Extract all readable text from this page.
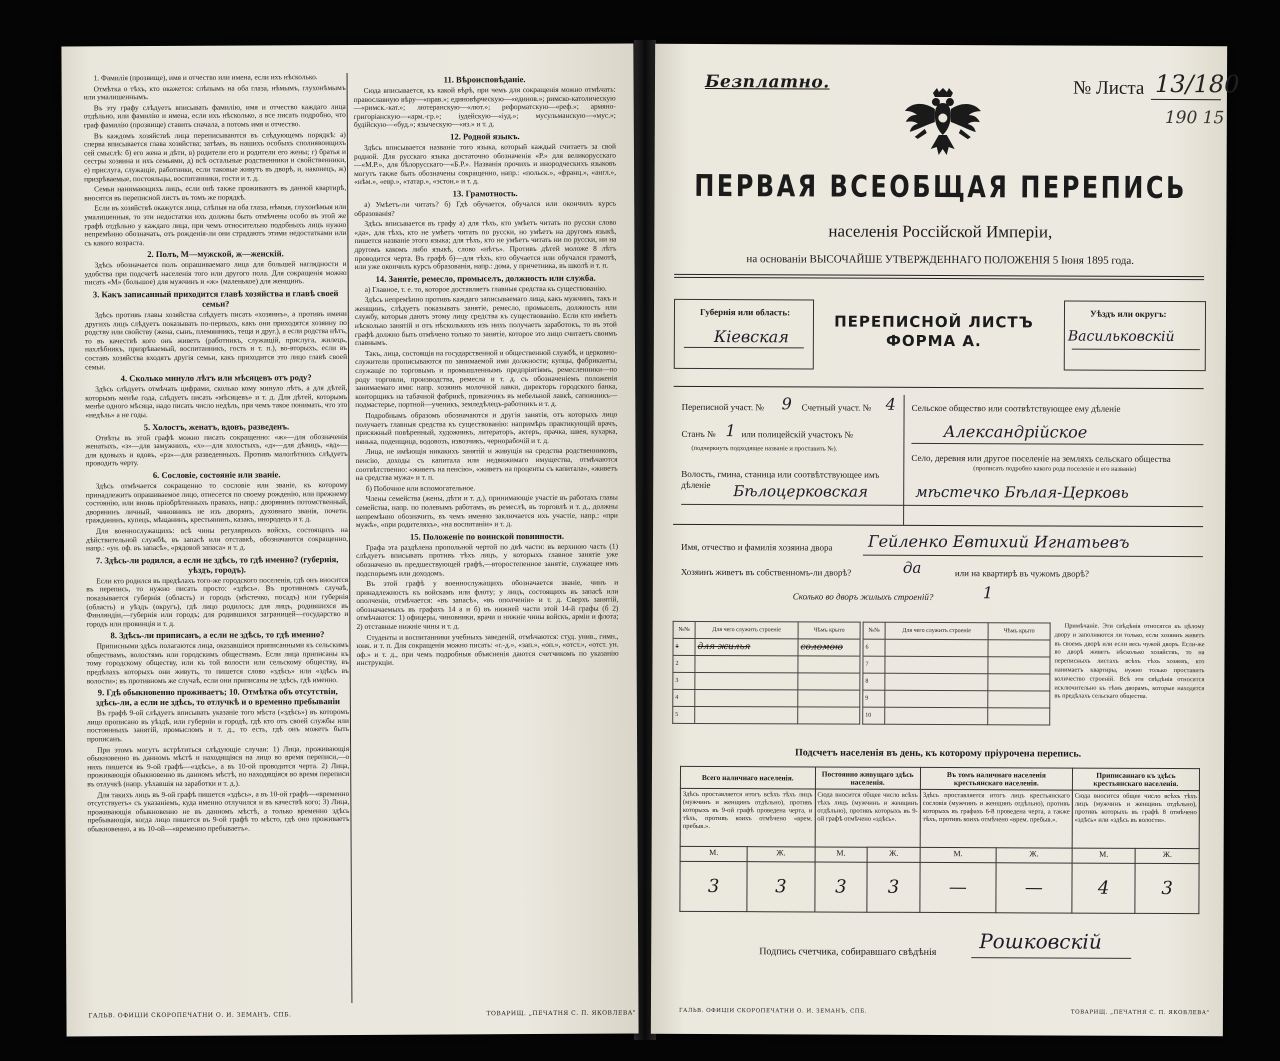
1. Фамилія (прозвище), имя и отчество или имена, если ихъ нѣсколько.
Отмѣтка о тѣхъ, кто окажется: слѣпымъ на оба глаза, нѣмымъ, глухонѣмымъ или умалишеннымъ.
Въ эту графу слѣдуетъ вписывать фамилію, имя и отчество каждаго лица отдѣльно, или фамилію и имена, если ихъ нѣсколько, а все писать подробно, что граф фамилію (прозвище) ставить сначала, а потомъ имя и отчество.
Въ каждомъ хозяйствѣ лица переписываются въ слѣдующемъ порядкѣ: а) сперва вписывается глава хозяйства; затѣмъ, въ нашихъ особыхъ сполнявоищихъ сей смыслѣ: б) его жена и дѣти, в) родители его и родители его жены; г) братья и сестры хозяина и ихъ семьями, д) всѣ остальные родственники и свойственники, е) прислуга, служащіе, работники, если таковые живутъ въ дворѣ, и, наконецъ, ж) призрѣваемые, постояльцы, воспитанники, гости и т. д.
Семьи нанимающихъ лицъ, если онѣ также проживаютъ въ данной квартирѣ, вносятся въ переписной листъ въ томъ же порядкѣ.
Если въ хозяйствѣ окажутся лица, слѣпыя на оба глаза, нѣмыя, глухонѣмыя или умалишенныя, то эти недостатки ихъ должны быть отмѣчены особо въ этой же графѣ отдѣльно у каждаго лица, при чемъ относительно подобныхъ лицъ нужно непремѣнно обозначать, отъ рожденія-ли они страдаютъ этими недостатками или съ какого возраста.
2. Полъ, М—мужской, ж—женскій.
Здѣсь обозначается полъ опрашиваемаго лица для большей наглядности и удобства при подсчетѣ населенія того или другого пола. Для сокращенія можно писать «М» (большое) для мужчинъ и «ж» (маленькое) для женщинъ.
3. Какъ записанный приходится главѣ хозяйства и главѣ своей семьи?
Здѣсь противъ главы хозяйства слѣдуетъ писать «хозяинъ», а противъ имени другихъ лицъ слѣдуетъ показывать по-первыхъ, какъ они приходятся хозяину по родству или свойству (жена, сынъ, племянникъ, теща и друг.), а если родства нѣтъ, то въ качествѣ кого онъ живетъ (работникъ, служащій, прислуга, жилецъ, нахлѣбникъ, призрѣваемый, воспитанникъ, гость и т. п.), во-вторыхъ, если въ составъ хозяйства входятъ другія семьи, какъ приходится это лицо главѣ своей семьи.
4. Сколько минуло лѣтъ или мѣсяцевъ отъ роду?
Здѣсь слѣдуетъ отмѣчать цифрами, сколько кому минуло лѣтъ, а для дѣтей, которымъ менѣе года, слѣдуетъ писать «мѣсяцевъ» и т. д. Для дѣтей, которымъ менѣе одного мѣсяца, надо писать число недѣль, при чемъ такое понимать, что это «недѣль» а не годы.
5. Холостъ, женатъ, вдовъ, разведенъ.
Отвѣты въ этой графѣ можно писать сокращенно: «ж»—для обозначенія женатыхъ, «з»—для замужнихъ, «х»—для холостыхъ, «д»—для дѣвицъ, «вд»—для вдовыхъ и вдовъ, «рз»—для разведенныхъ. Противъ малолѣтнихъ слѣдуетъ проводить черту.
6. Сословіе, состояніе или званіе.
Здѣсь отмѣчается сокращенно то сословіе или званіе, къ которому принадлежитъ опрашиваемое лицо, отнесется по своему рожденію, или прежнему состоянію, или вновь пріобрѣтенныхъ правахъ, напр.: дворянинъ потомственный, дворянинъ личный, чиновникъ не изъ дворянъ, духовнаго званія, почетн. гражданинъ, купецъ, мѣщанинъ, крестьянинъ, казакъ, инородецъ и т. д.
Для военнослужащихъ: всѣ чины регулярныхъ войскъ, состоящихъ на дѣйствительной службѣ, въ запасѣ или отставкѣ, обозначаются сокращенно, напр.: «ун. оф. въ запасѣ», «рядовой запаса» и т. д.
7. Здѣсь-ли родился, а если не здѣсь, то гдѣ именно? (губернія, уѣздъ, городъ).
Если кто родился въ предѣлахъ того-же городского поселенія, гдѣ онъ вносится въ перепись, то нужно писать просто: «здѣсь». Въ противномъ случаѣ, показывается губернія (область) и городъ (мѣстечко, посадъ) или губернія (область) и уѣздъ (округъ), гдѣ лицо родилось; для лицъ, родившихся въ Финляндіи,—губернія или городъ; для родившихся заграницей—государство и городъ или провинція и т. д.
8. Здѣсь-ли приписанъ, а если не здѣсь, то гдѣ именно?
Приписными здѣсь полагаются лица, оказавшіяся приписанными къ сельскимъ обществамъ, волостямъ или городскимъ обществамъ. Если лица приписаны къ тому городскому обществу, или къ той волости или сельскому обществу, въ предѣлахъ которыхъ они живутъ, то пишется слово «здѣсь» или «здѣсь въ волости»; въ противномъ же случаѣ, если они приписаны не здѣсь, гдѣ именно.
9. Гдѣ обыкновенно проживаетъ; 10. Отмѣтка объ отсутствіи, здѣсь-ли, а если не здѣсь, то отлучкѣ и о временно пребываніи
Въ графѣ 9-ой слѣдуетъ вписывать указаніе того мѣста («здѣсь») въ которомъ лицо прописано въ уѣздѣ, или губерніи и городѣ, гдѣ кто отъ своей службы или постоянныхъ занятій, промысломъ и т. д., то есть, гдѣ онъ можетъ быть прописанъ.
При этомъ могутъ встрѣтиться слѣдующіе случаи: 1) Лица, проживающія обыкновенно въ данномъ мѣстѣ и находящіяся на лицо во время переписи,—о нихъ пишется въ 9-ой графѣ—«здѣсь», а въ 10-ой проводится черта. 2) Лица, проживающія обыкновенно въ данномъ мѣстѣ, но находящіяся во время переписи въ отлучкѣ (напр. уѣхавшія на заработки и т. д.).
Для такихъ лицъ въ 9-ой графѣ пишется «здѣсь», а въ 10-ой графѣ—«временно отсутствуетъ» съ указаніемъ, куда именно отлучился и въ качествѣ кого; 3) Лица, проживающія обыкновенно не въ данномъ мѣстѣ, а только временно здѣсь пребывающія, когда лицо пишется въ 9-ой графѣ то мѣсто, гдѣ оно проживаетъ обыкновенно, а въ 10-ой—«временно пребываетъ».
11. Вѣроисповѣданіе.
Сюда вписывается, къ какой вѣрѣ, при чемъ для сокращенія можно отмѣчать: православную вѣру—«прав.»; единовѣрческую—«единов.»; римско-католическую—«римск.-кат.»; лютеранскую—«лют.»; реформатскую—«реф.»; армяно-григоріанскую—«арм.-гр.»; іудейскую—«іуд.»; мусульманскую—«мус.»; будійскую—«буд.»; языческую—«яз.» и т. д.
12. Родной языкъ.
Здѣсь вписывается названіе того языка, который каждый считаетъ за свой родной. Для русскаго языка достаточно обозначенія «Р.» для великорусскаго—«М.Р.», для бѣлорусскаго—«Б.Р.». Названія прочихъ и инородческихъ языковъ могутъ также быть обозначены сокращенно, напр.: «польск.», «франц.», «англ.», «нѣм.», «евр.», «татар.», «эстон.» и т. д.
13. Грамотность.
а) Умѣетъ-ли читать? б) Гдѣ обучается, обучался или окончилъ курсъ образованія?
Здѣсь вписывается въ графу а) для тѣхъ, кто умѣетъ читать по русски слово «да», для тѣхъ, кто не умѣетъ читать по русски, но умѣетъ на другомъ языкѣ, пишется названіе этого языка; для тѣхъ, кто не умѣетъ читать ни по русски, ни на другомъ какомъ либо языкѣ, слово «нѣтъ». Противъ дѣтей моложе 8 лѣтъ проводится черта. Въ графѣ б)—для тѣхъ, кто обучается или обучался грамотѣ, или уже окончилъ курсъ образованія, напр.: дома, у причетника, въ школѣ и т. п.
14. Занятіе, ремесло, промыселъ, должность или служба.
а) Главное, т. е. то, которое доставляетъ главныя средства къ существованію.
Здѣсь непремѣнно противъ каждаго записываемаго лица, какъ мужчинъ, такъ и женщинъ, слѣдуетъ показывать занятіе, ремесло, промыселъ, должность или службу, которыя даютъ этому лицу средства къ существованію. Если кто имѣетъ нѣсколько занятій и отъ нѣсколькихъ изъ нихъ получаетъ заработокъ, то въ этой графѣ должно быть отмѣчено только то занятіе, которое это лицо считаетъ своимъ главнымъ.
Такъ, лица, состоящія на государственной и общественной службѣ, и церковно-служители прописываются по занимаемой ими должности; купцы, фабриканты, служащіе по торговымъ и промышленнымъ предпріятіямъ, ремесленники—по роду торговли, производства, ремесла и т. д. съ обозначеніемъ положенія занимаемаго ими: напр. хозяинъ молочной лавки, директоръ городского банка, конторщикъ на табачной фабрикѣ, приказчикъ въ мебельной лавкѣ, сапожникъ—подмастерье, портной—ученикъ, земледѣлецъ-работникъ и т. д.
Подробнымъ образомъ обозначаются и другія занятія, отъ которыхъ лицо получаетъ главныя средства къ существованію: напримѣръ практикующій врачъ, присяжный повѣренный, художникъ, литераторъ, актеръ, прачка, швея, кухарка, нянька, поденщица, водовозъ, извозчикъ, чернорабочій и т. д.
Лица, не имѣющія никакихъ занятій и живущія на средства родственниковъ, пенсію, доходы съ капитала или недвижимаго имущества, отмѣчаются соотвѣтственно: «живетъ на пенсію», «живетъ на проценты съ капитала», «живетъ на средства мужа» и т. п.
б) Побочное или вспомогательное.
Члены семейства (жены, дѣти и т. д.), принимающіе участіе въ работахъ главы семейства, напр. по полевымъ работамъ, въ ремеслѣ, въ торговлѣ и т. д., должны непремѣнно обозначить, въ чемъ именно заключается ихъ участіе, напр.: «при мужѣ», «при родителяхъ», «на воспитаніи» и т. д.
15. Положеніе по воинской повинности.
Графа эта раздѣлена пропольной чертой по двѣ части: въ верхнюю часть (1) слѣдуетъ вписывать противъ тѣхъ лицъ, у которыхъ главное занятіе уже обозначено въ предшествующей графѣ,—второстепенное занятіе, служащее имъ подспорьемъ или доходомъ.
Въ этой графѣ у военнослужащихъ обозначается званіе, чинъ и принадлежность къ войскамъ или флоту; у лицъ, состоящихъ въ запасѣ или ополченіи, отмѣчается: «въ запасѣ», «въ ополченіи» и т. д. Сверхъ занятій, обозначаемыхъ въ графахъ 14 а и б) въ нижней части этой 14-й графы (б 2) отмѣчаются: 1) офицеры, чиновники, врачи и нижніе чины войскъ, армін и флота; 2) отставные нижніе чины и т. д.
Студенты и воспитанники учебныхъ заведеній, отмѣчаются: студ. унив., гимн., юнк. и т. п. Для сокращенія можно писать: «г.-д.», «зап.», «оп.», «отст.», «отст. ун. оф.» и т. д., при чемъ подробныя объясненія даются счетчикомъ по указанію инструкціи.
ГАЛЬВ. ОФИЦІИ СКОРОПЕЧАТНИ О. И. ЗЕМАНЪ, СПБ.	ТОВАРИЩ. „ПЕЧАТНЯ С. П. ЯКОВЛЕВА"
Безплатно.	№ Листа 13/180
190 15
ПЕРВАЯ ВСЕОБЩАЯ ПЕРЕПИСЬ
населенія Россійской Имперіи,
на основаніи ВЫСОЧАЙШЕ УТВЕРЖДЕННАГО ПОЛОЖЕНІЯ 5 Іюня 1895 года.
Губернія или область:
Кіевская
ПЕРЕПИСНОЙ ЛИСТЪ
ФОРМА А.
Уѣздъ или округъ:
Васильковскій
Переписной участ. № 9 Счетный участ. № 4
Станъ № 1 или полицейскій участокъ №
(подчеркнуть подходящее названіе и проставить №).
Сельское общество или соотвѣтствующее ему дѣленіе
Александрійское
Село, деревня или другое поселеніе на земляхъ сельскаго общества
(прописать подробно какого рода поселеніе и его названіе)
Волость, гмина, станица или соотвѣтствующее имъ дѣленіе	Бѣлоцерковская	мѣстечко Бѣлая-Церковь
Имя, отчество и фамилія хозяина двора Гейленко Евтихий Игнатьевъ
Хозяинъ живетъ въ собственномъ-ли дворѣ?	да	или на квартирѣ въ чужомъ дворѣ?
Сколько во дворъ жилыхъ строеній?	1
№№	Для чего служитъ строеніе	Чѣмъ крыто
1	для жилья	соломою
2		
3		
4		
5		
№№	Для чего служитъ строеніе	Чѣмъ крыто
6		
7		
8		
9		
10		
Примѣчаніе. Эти свѣдѣнія относятся къ цѣлому двору и заполняются ли только, если хозяинъ живетъ въ своемъ дворѣ или если весь чужой дворъ. Если-же во дворѣ живетъ нѣсколько хозяйствъ, то на переписныхъ листахъ всѣхъ тѣхъ хозяевъ, кто нанимаетъ квартиры, нужно только проставить количество строеній. Всѣ эти свѣдѣнія относятся исключительно къ тѣмъ дворамъ, которые находятся въ предѣлахъ сельскаго общества.
Подсчетъ населенія въ день, къ которому пріурочена перепись.
Всего наличнаго населенія.		Постоянно живущаго здѣсь населенія.		Въ томъ наличнаго населенія крестьянскаго населенія.		Приписаннаго къ здѣсь крестьянскаго населенія.	
Здѣсь проставляется итогъ всѣхъ тѣхъ лицъ (мужчинъ и женщинъ отдѣльно), противъ которыхъ въ 9-ой графѣ проведена черта, и тѣхъ, противъ коихъ отмѣчено «врем. пребыв.».		Сюда вносится общее число всѣхъ тѣхъ лицъ (мужчинъ и женщинъ отдѣльно), противъ которыхъ въ 9-ой графѣ отмѣчено «здѣсь».		Здѣсь проставляется итогъ лицъ крестьянскаго сословія (мужчинъ и женщинъ отдѣльно), противъ которыхъ въ графахъ 6-8 проведена черта, а также тѣхъ, противъ коихъ отмѣчено «врем. пребыв.».		Сюда вносится общее число всѣхъ тѣхъ лицъ (мужчинъ и женщинъ отдѣльно), противъ которыхъ въ графѣ 8 отмѣчено «здѣсь» или «здѣсь въ волости».	
М.	Ж.	М.	Ж.	М.	Ж.	М.	Ж.
3	3	3	3	—	—	4	3
Подпись счетчика, собиравшаго свѣдѣнія Рошковскій
ГАЛЬВ. ОФИЦІИ СКОРОПЕЧАТНИ О. И. ЗЕМАНЪ, СПБ.	ТОВАРИЩ. „ПЕЧАТНЯ С. П. ЯКОВЛЕВА"
